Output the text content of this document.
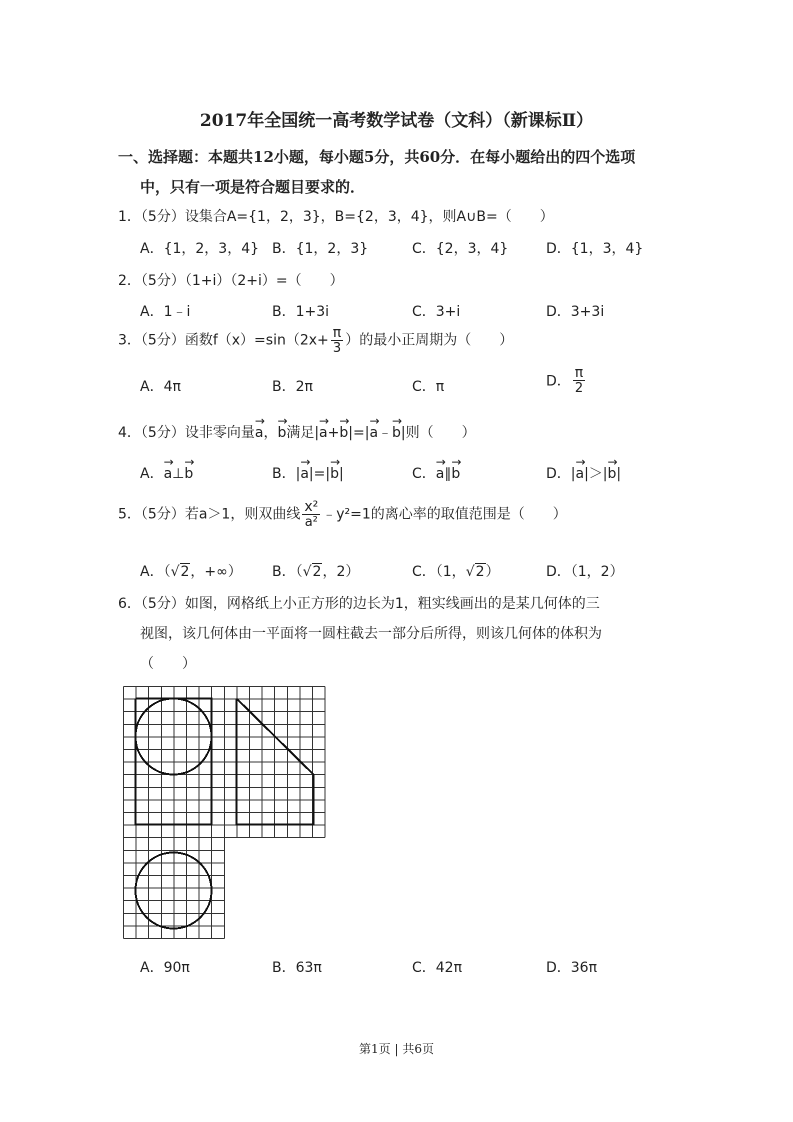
2017年全国统一高考数学试卷（文科）（新课标Ⅱ）
一、选择题：本题共12小题，每小题5分，共60分．在每小题给出的四个选项
中，只有一项是符合题目要求的．
1．（5分）设集合A={1，2，3}，B={2，3，4}，则A∪B=（　　）
A．{1，2，3，4} B．{1，2，3}	C．{2，3，4}	D．{1，3，4}
2．（5分）（1+i）（2+i）=（　　）
A．1﹣i	B．1+3i	C．3+i	D．3+3i
3．（5分）函数$f(x)=\sin(2x+ \frac{\pi}{3}$ ）的最小正周期为（　　）
A．4π	B．2π	C．π	D． $\frac{\pi}{2}$
4．（5分）设非零向量→ a，→ b满足|→ a+→ b|=|→ a﹣→ b|则（　　）
A．→ a⊥→ b	B．|→ a|=|→ b|	C．→ a∥→ b	D．|→ a|＞|→ b|
5．（5分）若a＞1，则双曲线 $\frac{\text{x²}}{\text{a²}}$ ﹣y²=1的离心率的取值范围是（　　）
A．（√2，+∞） B．（√2，2）	C．（1，√2）	D．（1，2）
6．（5分）如图，网格纸上小正方形的边长为1，粗实线画出的是某几何体的三
视图，该几何体由一平面将一圆柱截去一部分后所得，则该几何体的体积为
（　　）
A．90π	B．63π	C．42π	D．36π
第1页 | 共6页
